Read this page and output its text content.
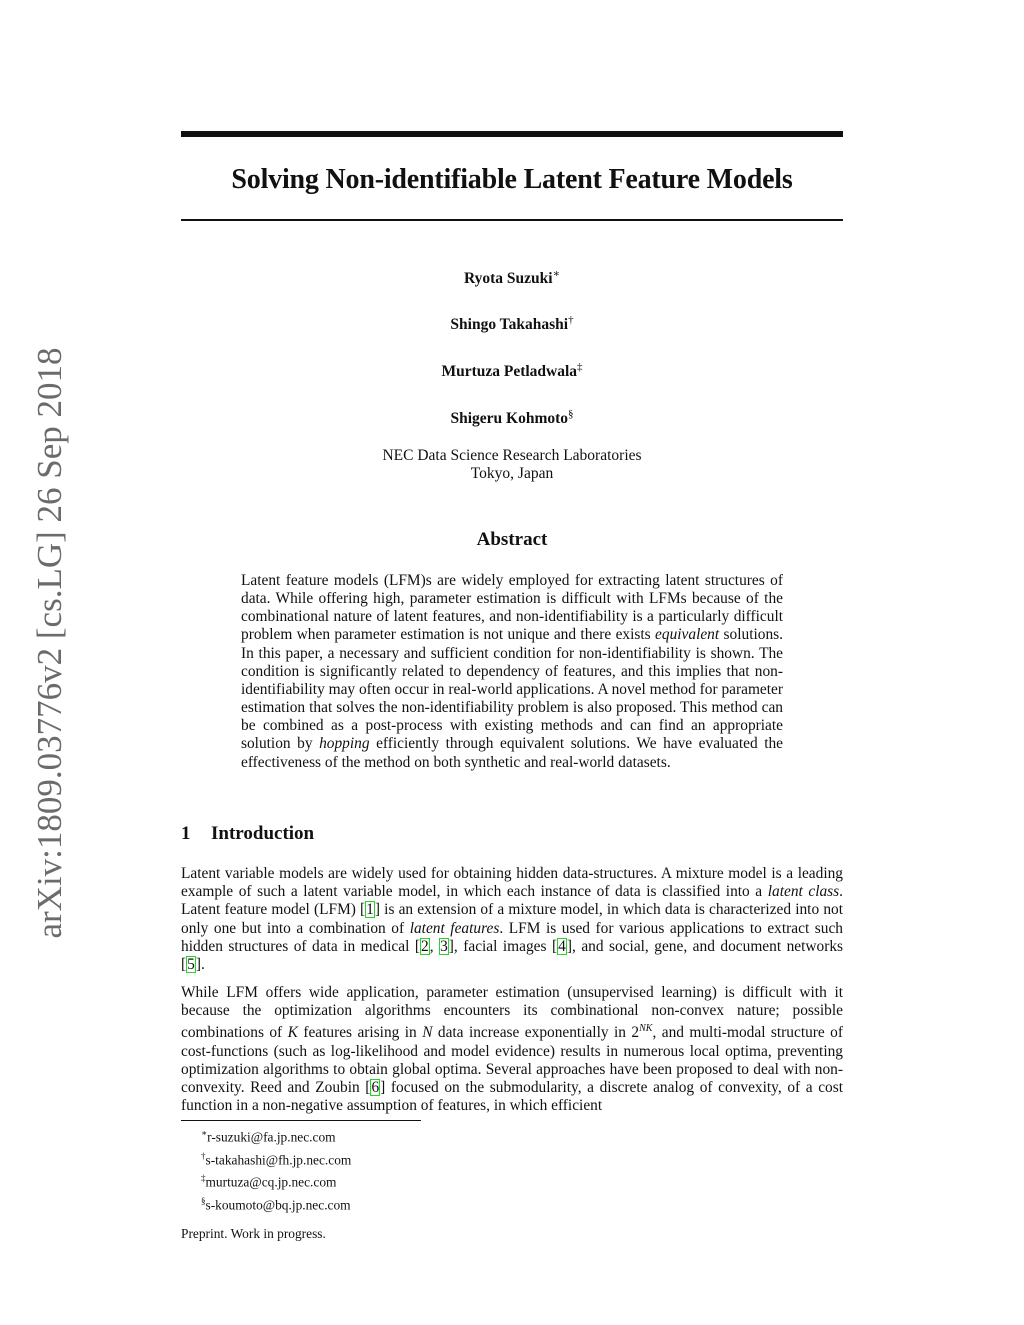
arXiv:1809.03776v2 [cs.LG] 26 Sep 2018
Solving Non-identifiable Latent Feature Models
Ryota Suzuki∗
Shingo Takahashi†
Murtuza Petladwala‡
Shigeru Kohmoto§
NEC Data Science Research Laboratories
Tokyo, Japan
Abstract
Latent feature models (LFM)s are widely employed for extracting latent structures of data. While offering high, parameter estimation is difficult with LFMs because of the combinational nature of latent features, and non-identifiability is a particularly difficult problem when parameter estimation is not unique and there exists equivalent solutions. In this paper, a necessary and sufficient condition for non-identifiability is shown. The condition is significantly related to dependency of features, and this implies that non-identifiability may often occur in real-world applications. A novel method for parameter estimation that solves the non-identifiability problem is also proposed. This method can be combined as a post-process with existing methods and can find an appropriate solution by hopping efficiently through equivalent solutions. We have evaluated the effectiveness of the method on both synthetic and real-world datasets.
1 Introduction
Latent variable models are widely used for obtaining hidden data-structures. A mixture model is a leading example of such a latent variable model, in which each instance of data is classified into a latent class. Latent feature model (LFM) [1] is an extension of a mixture model, in which data is characterized into not only one but into a combination of latent features. LFM is used for various applications to extract such hidden structures of data in medical [2, 3], facial images [4], and social, gene, and document networks [5].
While LFM offers wide application, parameter estimation (unsupervised learning) is difficult with it because the optimization algorithms encounters its combinational non-convex nature; possible combinations of K features arising in N data increase exponentially in $2^{NK}$, and multi-modal structure of cost-functions (such as log-likelihood and model evidence) results in numerous local optima, preventing optimization algorithms to obtain global optima. Several approaches have been proposed to deal with non-convexity. Reed and Zoubin [6] focused on the submodularity, a discrete analog of convexity, of a cost function in a non-negative assumption of features, in which efficient
∗r-suzuki@fa.jp.nec.com
†s-takahashi@fh.jp.nec.com
‡murtuza@cq.jp.nec.com
§s-koumoto@bq.jp.nec.com
Preprint. Work in progress.
